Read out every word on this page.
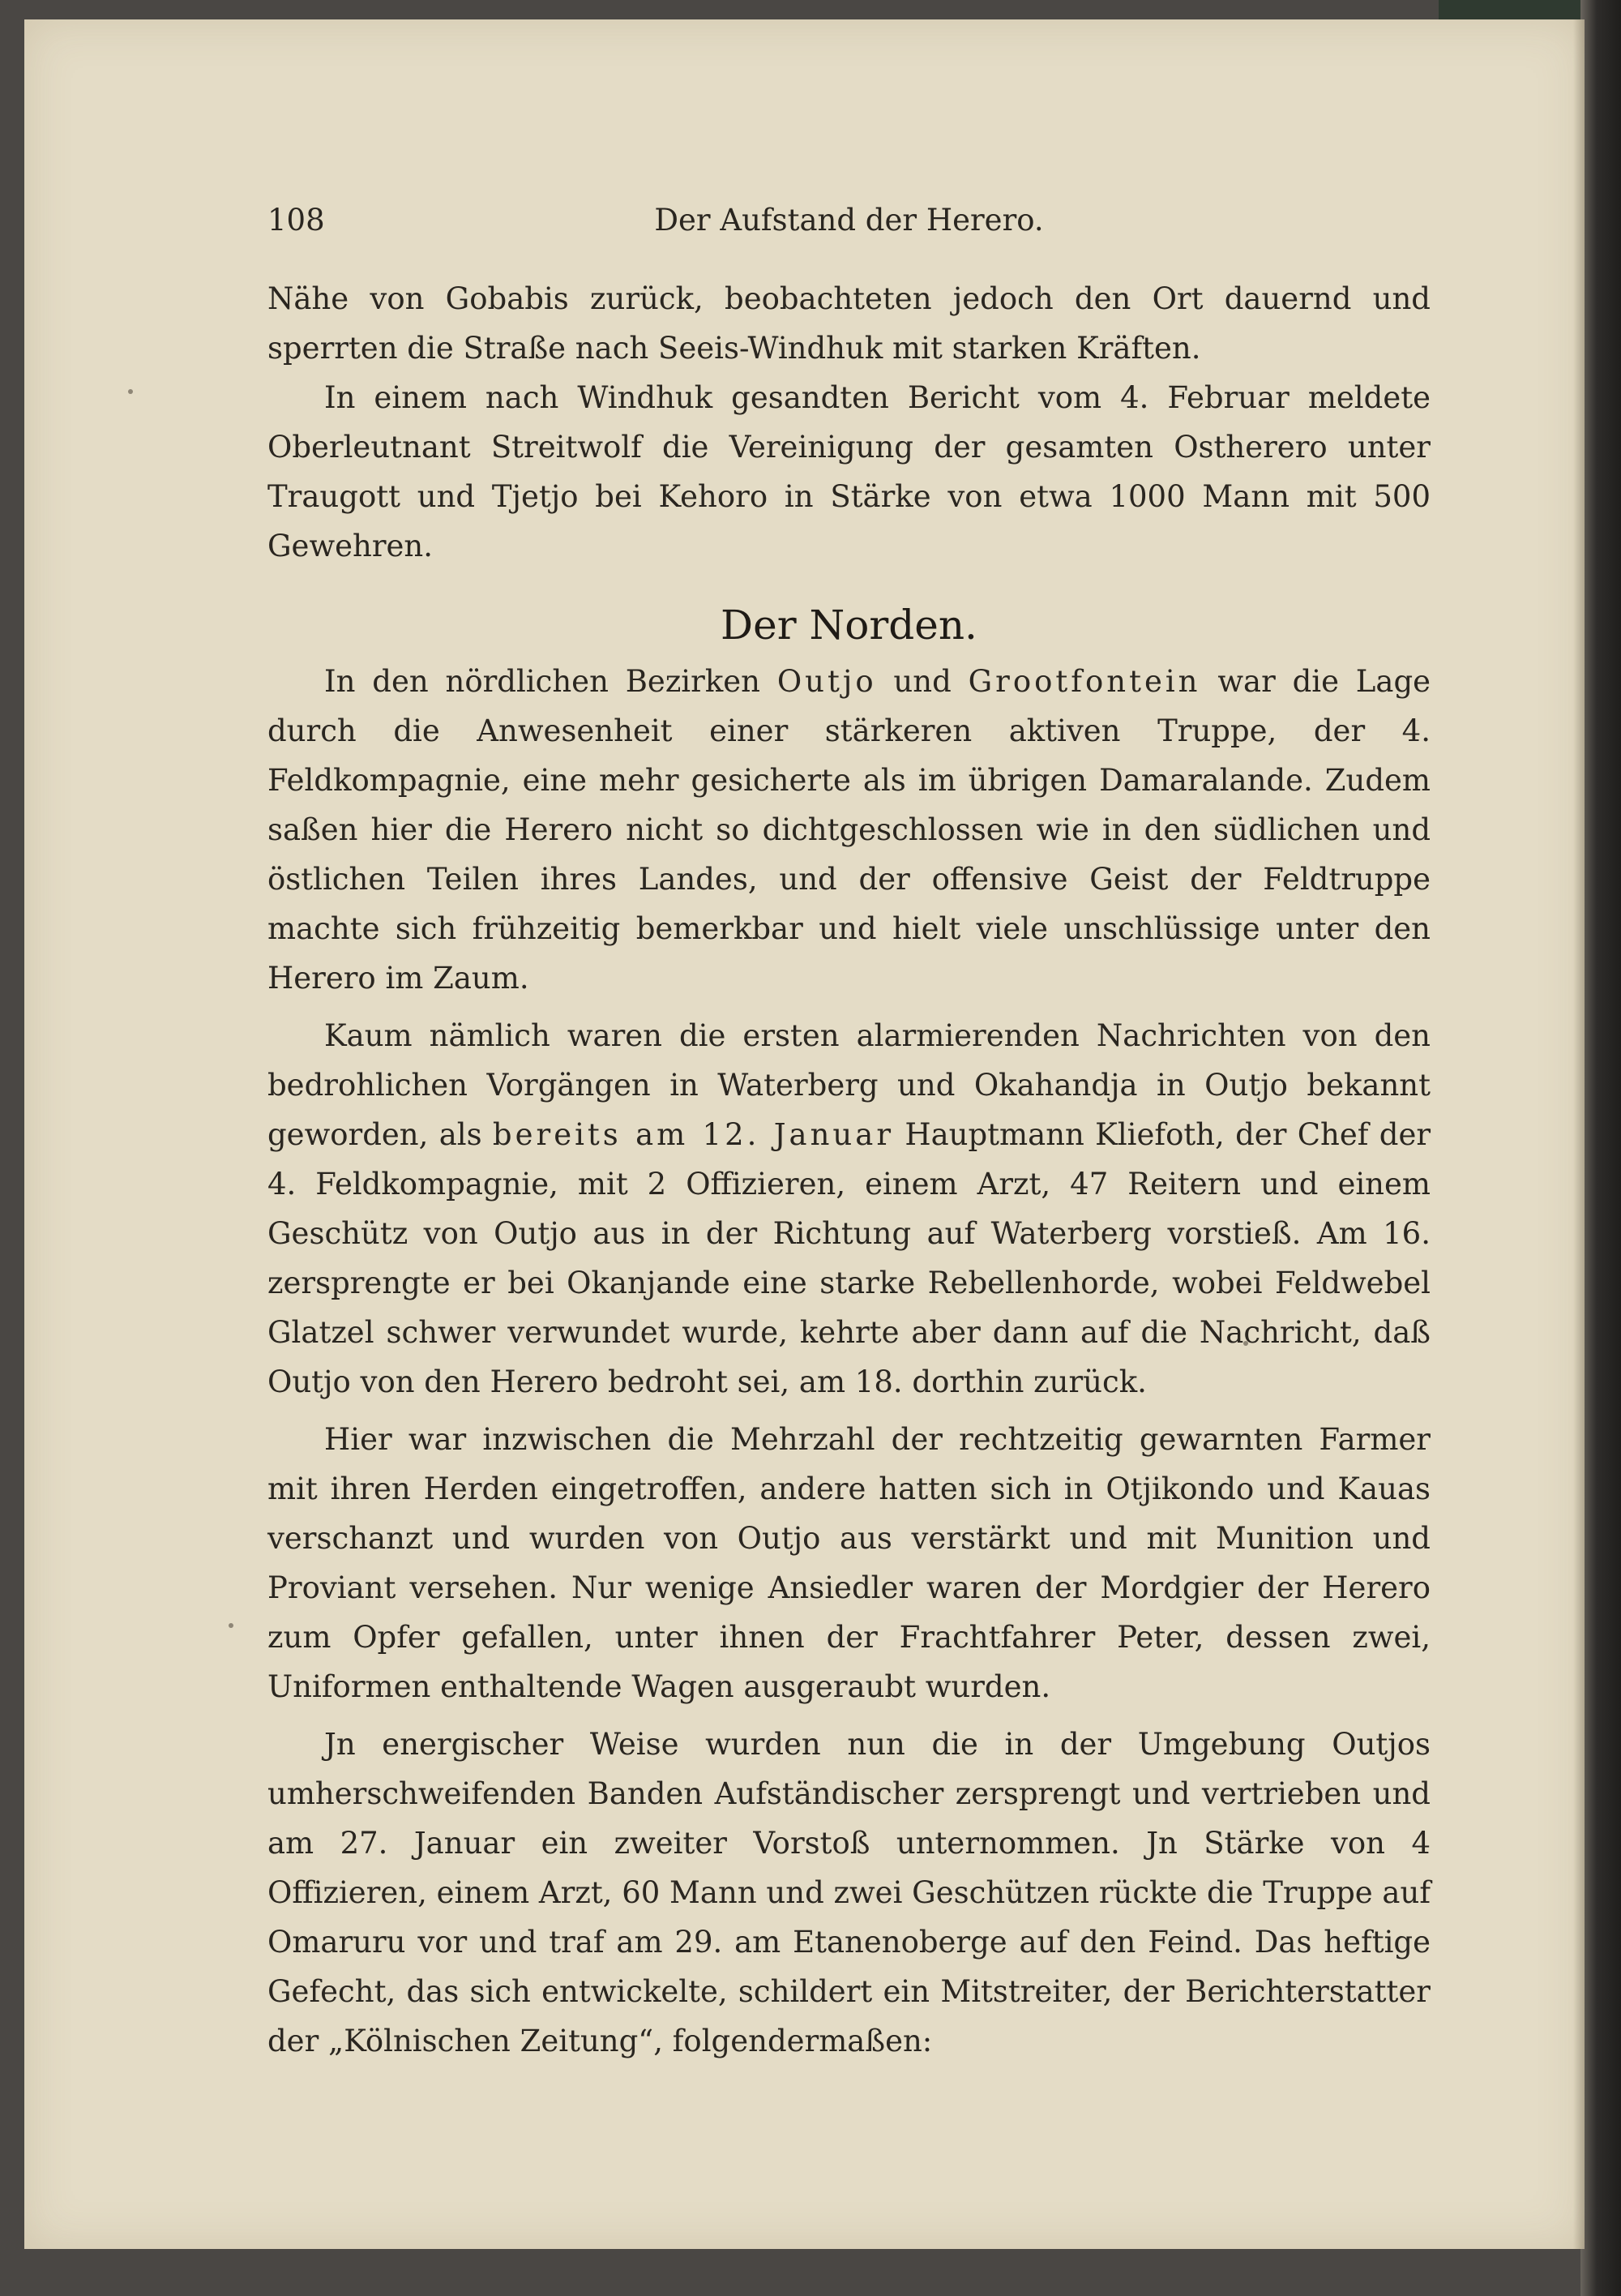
108	Der Aufstand der Herero.

Nähe von Gobabis zurück, beobachteten jedoch den Ort dauernd und sperrten die Straße nach Seeis-Windhuk mit starken Kräften.

In einem nach Windhuk gesandten Bericht vom 4. Februar meldete Oberleutnant Streitwolf die Vereinigung der gesamten Ostherero unter Traugott und Tjetjo bei Kehoro in Stärke von etwa 1000 Mann mit 500 Gewehren.

Der Norden.

In den nördlichen Bezirken Outjo und Grootfontein war die Lage durch die Anwesenheit einer stärkeren aktiven Truppe, der 4. Feldkompagnie, eine mehr gesicherte als im übrigen Damaralande. Zudem saßen hier die Herero nicht so dichtgeschlossen wie in den südlichen und östlichen Teilen ihres Landes, und der offensive Geist der Feldtruppe machte sich frühzeitig bemerkbar und hielt viele unschlüssige unter den Herero im Zaum.

Kaum nämlich waren die ersten alarmierenden Nachrichten von den bedrohlichen Vorgängen in Waterberg und Okahandja in Outjo bekannt geworden, als bereits am 12. Januar Hauptmann Kliefoth, der Chef der 4. Feldkompagnie, mit 2 Offizieren, einem Arzt, 47 Reitern und einem Geschütz von Outjo aus in der Richtung auf Waterberg vorstieß. Am 16. zersprengte er bei Okanjande eine starke Rebellenhorde, wobei Feldwebel Glatzel schwer verwundet wurde, kehrte aber dann auf die Nachricht, daß Outjo von den Herero bedroht sei, am 18. dorthin zurück.

Hier war inzwischen die Mehrzahl der rechtzeitig gewarnten Farmer mit ihren Herden eingetroffen, andere hatten sich in Otjikondo und Kauas verschanzt und wurden von Outjo aus verstärkt und mit Munition und Proviant versehen. Nur wenige Ansiedler waren der Mordgier der Herero zum Opfer gefallen, unter ihnen der Frachtfahrer Peter, dessen zwei, Uniformen enthaltende Wagen ausgeraubt wurden.

Jn energischer Weise wurden nun die in der Umgebung Outjos umherschweifenden Banden Aufständischer zersprengt und vertrieben und am 27. Januar ein zweiter Vorstoß unternommen. Jn Stärke von 4 Offizieren, einem Arzt, 60 Mann und zwei Geschützen rückte die Truppe auf Omaruru vor und traf am 29. am Etanenoberge auf den Feind. Das heftige Gefecht, das sich entwickelte, schildert ein Mitstreiter, der Berichterstatter der „Kölnischen Zeitung“, folgendermaßen:
